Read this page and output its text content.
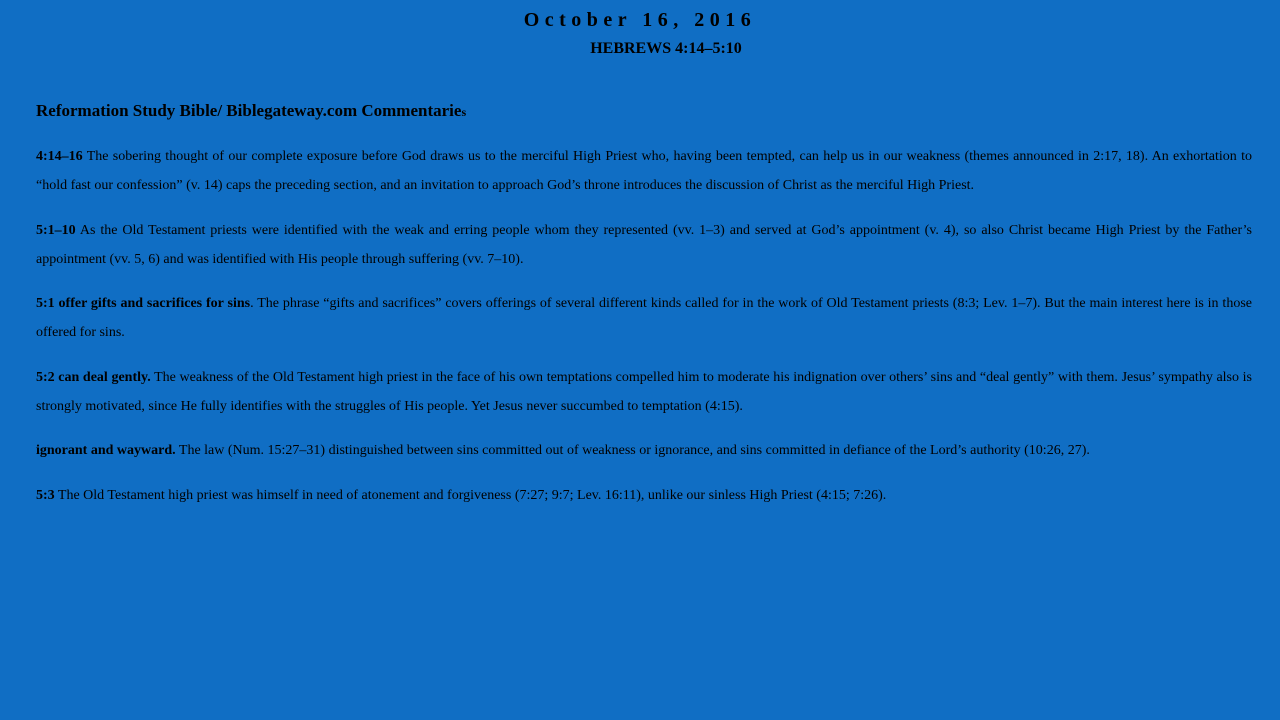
October 16, 2016
HEBREWS 4:14–5:10
Reformation Study Bible/ Biblegateway.com Commentaries

4:14–16 The sobering thought of our complete exposure before God draws us to the merciful High Priest who, having been tempted, can help us in our weakness (themes announced in 2:17, 18). An exhortation to “hold fast our confession” (v. 14) caps the preceding section, and an invitation to approach God’s throne introduces the discussion of Christ as the merciful High Priest.

5:1–10 As the Old Testament priests were identified with the weak and erring people whom they represented (vv. 1–3) and served at God’s appointment (v. 4), so also Christ became High Priest by the Father’s appointment (vv. 5, 6) and was identified with His people through suffering (vv. 7–10).

5:1 offer gifts and sacrifices for sins. The phrase “gifts and sacrifices” covers offerings of several different kinds called for in the work of Old Testament priests (8:3; Lev. 1–7). But the main interest here is in those offered for sins.

5:2 can deal gently. The weakness of the Old Testament high priest in the face of his own temptations compelled him to moderate his indignation over others’ sins and “deal gently” with them. Jesus’ sympathy also is strongly motivated, since He fully identifies with the struggles of His people. Yet Jesus never succumbed to temptation (4:15).

ignorant and wayward. The law (Num. 15:27–31) distinguished between sins committed out of weakness or ignorance, and sins committed in defiance of the Lord’s authority (10:26, 27).

5:3 The Old Testament high priest was himself in need of atonement and forgiveness (7:27; 9:7; Lev. 16:11), unlike our sinless High Priest (4:15; 7:26).
